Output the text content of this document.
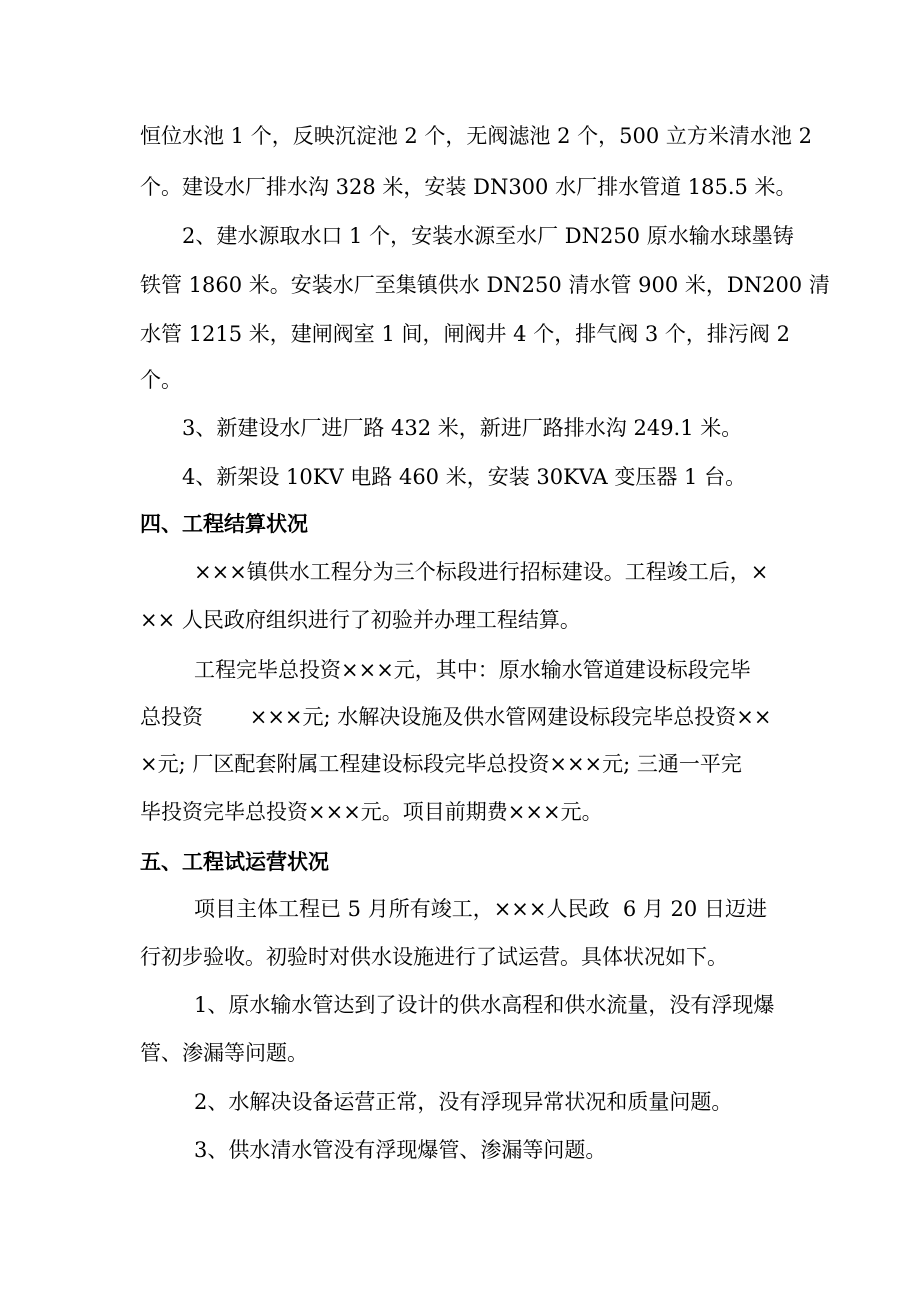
恒位水池 1 个，反映沉淀池 2 个，无阀滤池 2 个，500 立方米清水池 2
个。建设水厂排水沟 328 米，安装 DN300 水厂排水管道 185.5 米。
2、建水源取水口 1 个，安装水源至水厂 DN250 原水输水球墨铸
铁管 1860 米。安装水厂至集镇供水 DN250 清水管 900 米，DN200 清
水管 1215 米，建闸阀室 1 间，闸阀井 4 个，排气阀 3 个，排污阀 2
个。
3、新建设水厂进厂路 432 米，新进厂路排水沟 249.1 米。
4、新架设 10KV 电路 460 米，安装 30KVA 变压器 1 台。
四、工程结算状况
×××镇供水工程分为三个标段进行招标建设。工程竣工后，×
×× 人民政府组织进行了初验并办理工程结算。
工程完毕总投资×××元，其中：原水输水管道建设标段完毕
总投资       ×××元; 水解决设施及供水管网建设标段完毕总投资××
×元; 厂区配套附属工程建设标段完毕总投资×××元; 三通一平完
毕投资完毕总投资×××元。项目前期费×××元。
五、工程试运营状况
项目主体工程已 5 月所有竣工，×××人民政  6 月 20 日迈进
行初步验收。初验时对供水设施进行了试运营。具体状况如下。
1、原水输水管达到了设计的供水高程和供水流量，没有浮现爆
管、渗漏等问题。
2、水解决设备运营正常，没有浮现异常状况和质量问题。
3、供水清水管没有浮现爆管、渗漏等问题。
